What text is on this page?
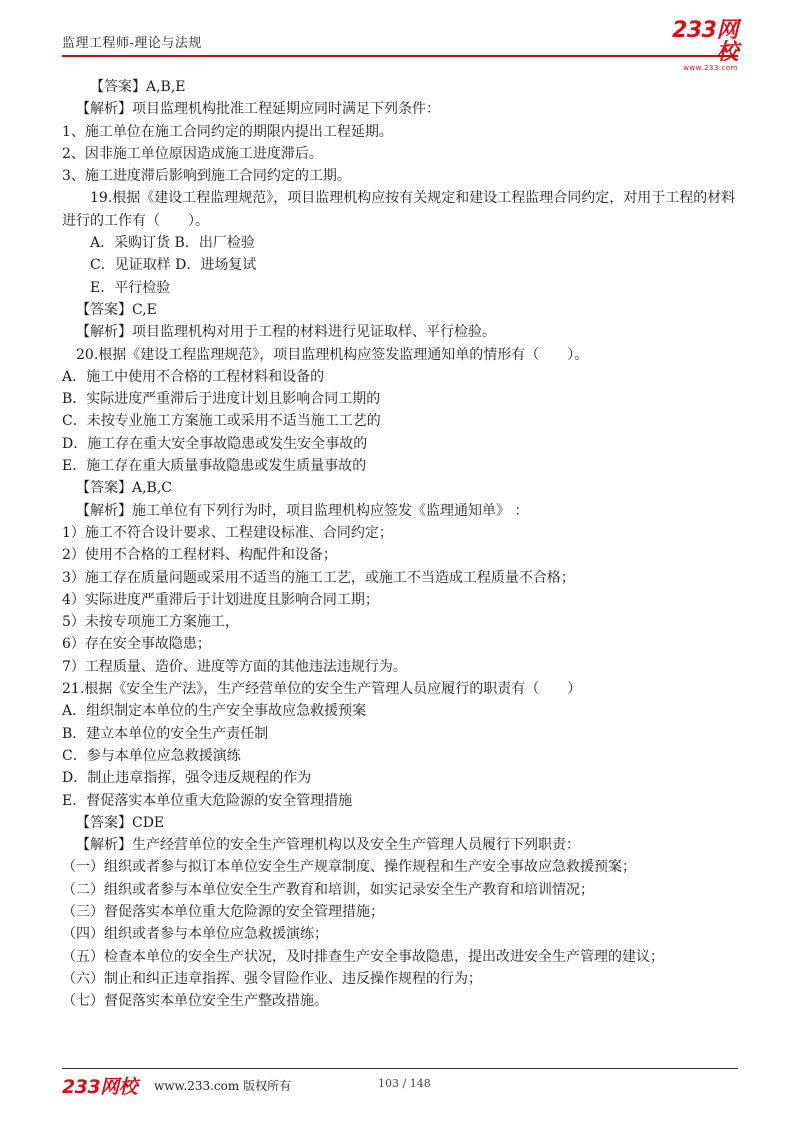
监理工程师-理论与法规
233网校
www.233.com

【答案】A,B,E

【解析】项目监理机构批准工程延期应同时满足下列条件：

1、施工单位在施工合同约定的期限内提出工程延期。

2、因非施工单位原因造成施工进度滞后。

3、施工进度滞后影响到施工合同约定的工期。

19.根据《建设工程监理规范》，项目监理机构应按有关规定和建设工程监理合同约定，对用于工程的材料进行的工作有（　　）。

A．采购订货 B．出厂检验

C．见证取样 D．进场复试

E．平行检验

【答案】C,E

【解析】项目监理机构对用于工程的材料进行见证取样、平行检验。

20.根据《建设工程监理规范》，项目监理机构应签发监理通知单的情形有（　　）。

A．施工中使用不合格的工程材料和设备的

B．实际进度严重滞后于进度计划且影响合同工期的

C．未按专业施工方案施工或采用不适当施工工艺的

D．施工存在重大安全事故隐患或发生安全事故的

E．施工存在重大质量事故隐患或发生质量事故的

【答案】A,B,C

【解析】施工单位有下列行为时，项目监理机构应签发《监理通知单》 ：

1）施工不符合设计要求、工程建设标准、合同约定；

2）使用不合格的工程材料、构配件和设备；

3）施工存在质量问题或采用不适当的施工工艺，或施工不当造成工程质量不合格；

4）实际进度严重滞后于计划进度且影响合同工期；

5）未按专项施工方案施工，

6）存在安全事故隐患；

7）工程质量、造价、进度等方面的其他违法违规行为。

21.根据《安全生产法》，生产经营单位的安全生产管理人员应履行的职责有（　　）

A．组织制定本单位的生产安全事故应急救援预案

B．建立本单位的安全生产责任制

C．参与本单位应急救援演练

D．制止违章指挥，强令违反规程的作为

E．督促落实本单位重大危险源的安全管理措施

【答案】CDE

【解析】生产经营单位的安全生产管理机构以及安全生产管理人员履行下列职责：

（一）组织或者参与拟订本单位安全生产规章制度、操作规程和生产安全事故应急救援预案；

（二）组织或者参与本单位安全生产教育和培训，如实记录安全生产教育和培训情况；

（三）督促落实本单位重大危险源的安全管理措施；

（四）组织或者参与本单位应急救援演练；

（五）检查本单位的安全生产状况，及时排查生产安全事故隐患，提出改进安全生产管理的建议；

（六）制止和纠正违章指挥、强令冒险作业、违反操作规程的行为；

（七）督促落实本单位安全生产整改措施。

233网校 www.233.com 版权所有	103 / 148
